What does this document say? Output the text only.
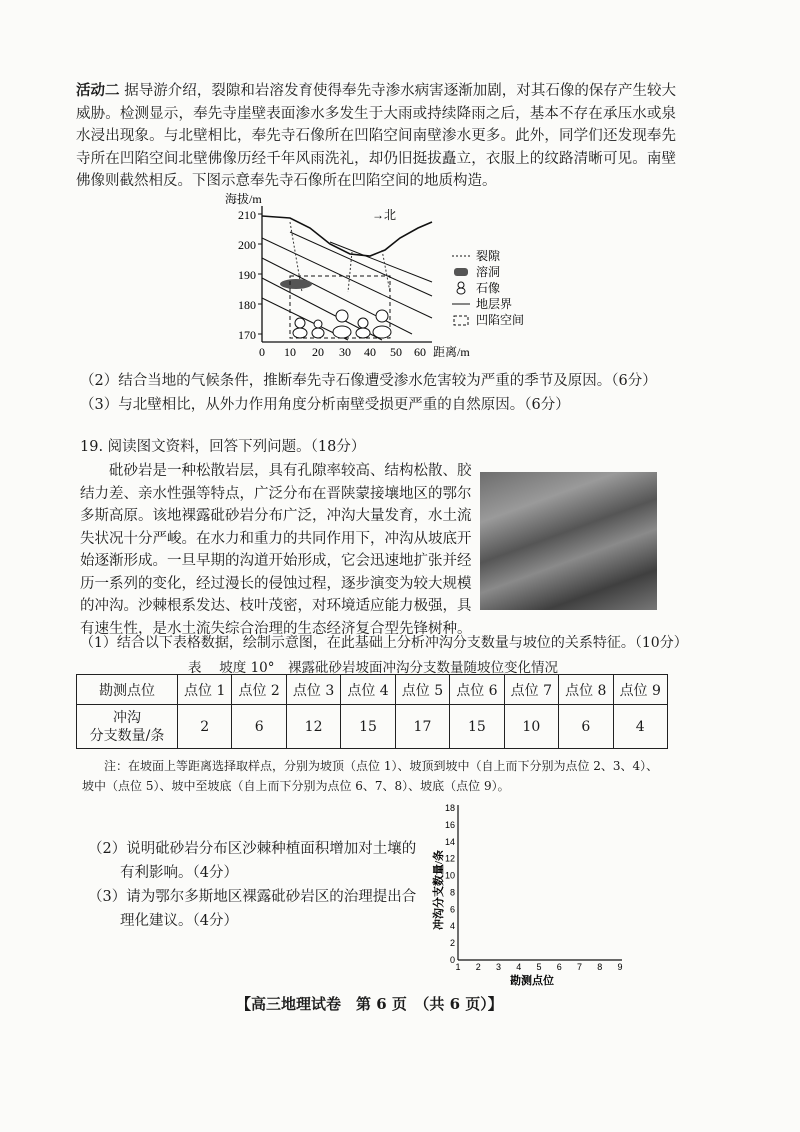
活动二 据导游介绍，裂隙和岩溶发育使得奉先寺渗水病害逐渐加剧，对其石像的保存产生较大威胁。检测显示，奉先寺崖壁表面渗水多发生于大雨或持续降雨之后，基本不存在承压水或泉水浸出现象。与北壁相比，奉先寺石像所在凹陷空间南壁渗水更多。此外，同学们还发现奉先寺所在凹陷空间北壁佛像历经千年风雨洗礼，却仍旧挺拔矗立，衣服上的纹路清晰可见。南壁佛像则截然相反。下图示意奉先寺石像所在凹陷空间的地质构造。
海拔/m
210
200
190
180
170
0 10 20 30 40 50 60 距离/m
→北
裂隙
溶洞
石像
地层界
凹陷空间
（2）结合当地的气候条件，推断奉先寺石像遭受渗水危害较为严重的季节及原因。（6分）
（3）与北壁相比，从外力作用角度分析南壁受损更严重的自然原因。（6分）
19. 阅读图文资料，回答下列问题。（18分）
砒砂岩是一种松散岩层，具有孔隙率较高、结构松散、胶
结力差、亲水性强等特点，广泛分布在晋陕蒙接壤地区的鄂尔
多斯高原。该地裸露砒砂岩分布广泛，冲沟大量发育，水土流
失状况十分严峻。在水力和重力的共同作用下，冲沟从坡底开
始逐渐形成。一旦早期的沟道开始形成，它会迅速地扩张并经
历一系列的变化，经过漫长的侵蚀过程，逐步演变为较大规模
的冲沟。沙棘根系发达、枝叶茂密，对环境适应能力极强，具
有速生性，是水土流失综合治理的生态经济复合型先锋树种。
（1）结合以下表格数据，绘制示意图，在此基础上分析冲沟分支数量与坡位的关系特征。（10分）
表　 坡度 10°　裸露砒砂岩坡面冲沟分支数量随坡位变化情况
勘测点位	点位 1	点位 2	点位 3	点位 4	点位 5	点位 6	点位 7	点位 8	点位 9

冲沟
分支数量/条	2	6	12	15	17	15	10	6	4
注：在坡面上等距离选择取样点，分别为坡顶（点位 1）、坡顶到坡中（自上而下分别为点位 2、3、4）、
坡中（点位 5）、坡中至坡底（自上而下分别为点位 6、7、8）、坡底（点位 9）。
（2）说明砒砂岩分布区沙棘种植面积增加对土壤的
有利影响。（4分）
（3）请为鄂尔多斯地区裸露砒砂岩区的治理提出合
理化建议。（4分）	冲沟分支数量/条
勘测点位
18
16
14
12
10
8
6
4
2
0
1 2 3 4 5 6 7 8 9
【高三地理试卷　第 6 页　（共 6 页）】
